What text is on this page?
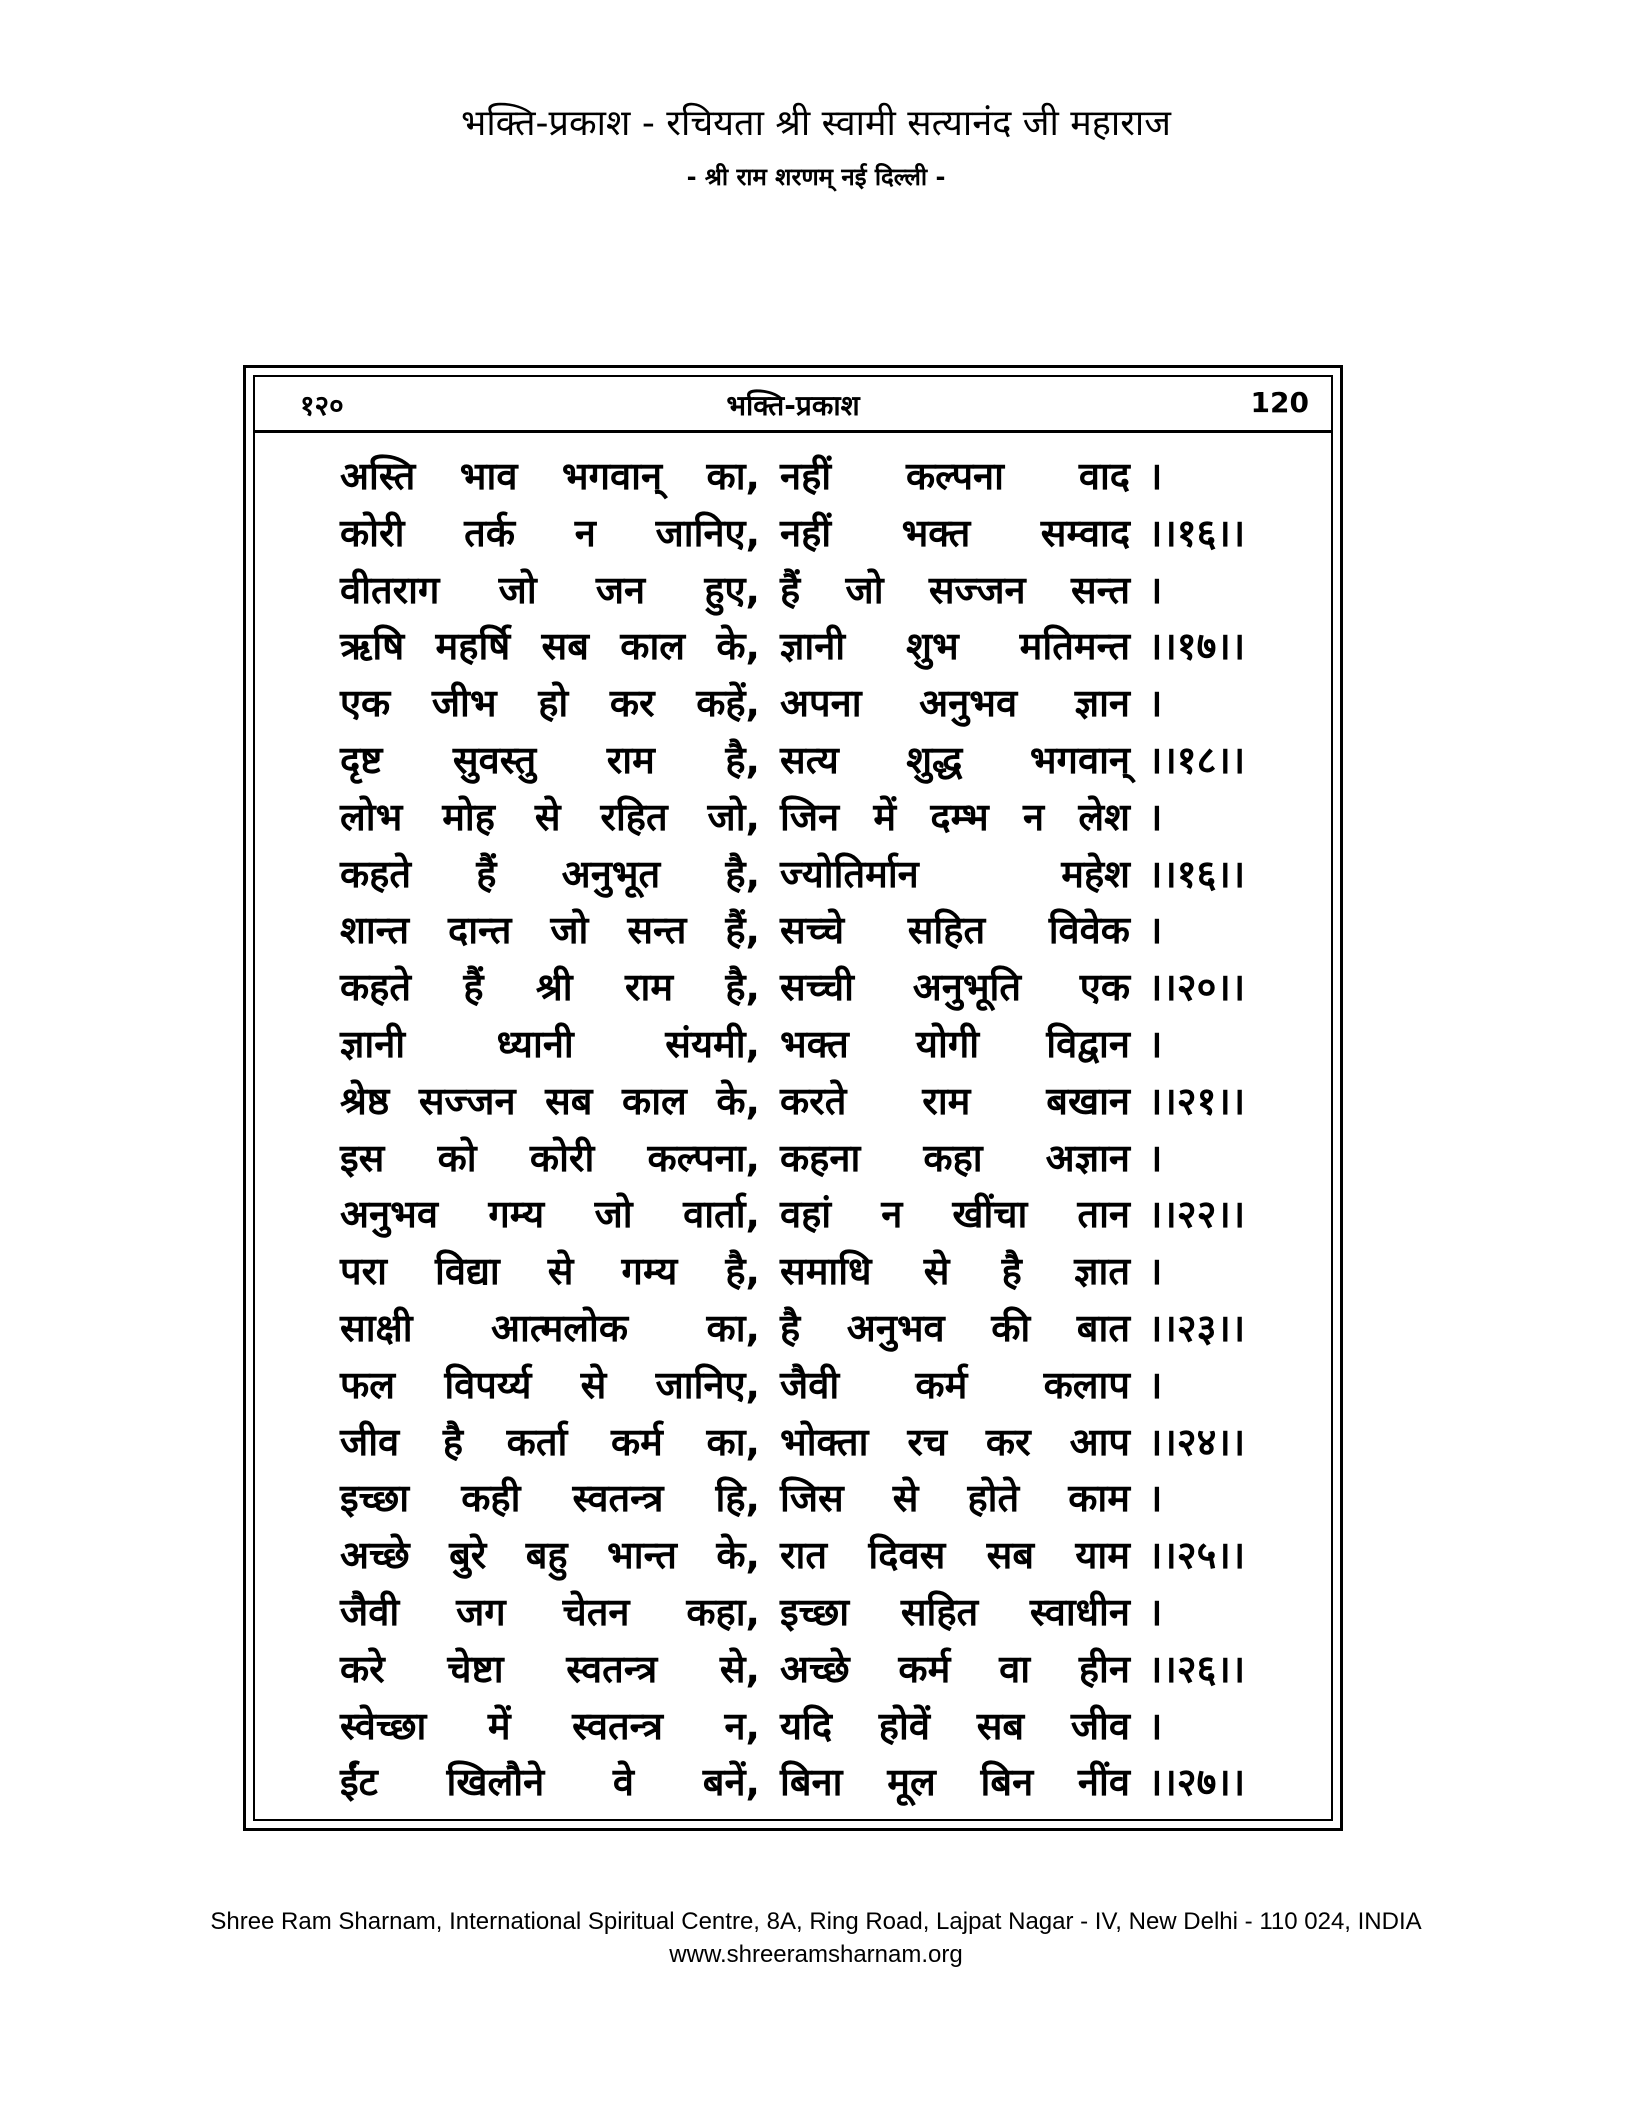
भक्ति-प्रकाश - रचियता श्री स्वामी सत्यानंद जी महाराज
- श्री राम शरणम् नई दिल्ली -
भक्ति-प्रकाश
१२०	120
अस्ति भाव भगवान् का, नहीं कल्पना वाद ।
कोरी तर्क न जानिए, नहीं भक्त सम्वाद ।।१६।।
वीतराग जो जन हुए, हैं जो सज्जन सन्त ।
ऋषि महर्षि सब काल के, ज्ञानी शुभ मतिमन्त ।।१७।।
एक जीभ हो कर कहें, अपना अनुभव ज्ञान ।
दृष्ट सुवस्तु राम है, सत्य शुद्ध भगवान् ।।१८।।
लोभ मोह से रहित जो, जिन में दम्भ न लेश ।
कहते हैं अनुभूत है, ज्योतिर्मान महेश ।।१६।।
शान्त दान्त जो सन्त हैं, सच्चे सहित विवेक ।
कहते हैं श्री राम है, सच्ची अनुभूति एक ।।२०।।
ज्ञानी ध्यानी संयमी, भक्त योगी विद्वान ।
श्रेष्ठ सज्जन सब काल के, करते राम बखान ।।२१।।
इस को कोरी कल्पना, कहना कहा अज्ञान ।
अनुभव गम्य जो वार्ता, वहां न खींचा तान ।।२२।।
परा विद्या से गम्य है, समाधि से है ज्ञात ।
साक्षी आत्मलोक का, है अनुभव की बात ।।२३।।
फल विपर्य्य से जानिए, जैवी कर्म कलाप ।
जीव है कर्ता कर्म का, भोक्ता रच कर आप ।।२४।।
इच्छा कही स्वतन्त्र हि, जिस से होते काम ।
अच्छे बुरे बहु भान्त के, रात दिवस सब याम ।।२५।।
जैवी जग चेतन कहा, इच्छा सहित स्वाधीन ।
करे चेष्टा स्वतन्त्र से, अच्छे कर्म वा हीन ।।२६।।
स्वेच्छा में स्वतन्त्र न, यदि होवें सब जीव ।
ईंट खिलौने वे बनें, बिना मूल बिन नींव ।।२७।।
Shree Ram Sharnam, International Spiritual Centre, 8A, Ring Road, Lajpat Nagar - IV, New Delhi - 110 024, INDIA
www.shreeramsharnam.org
